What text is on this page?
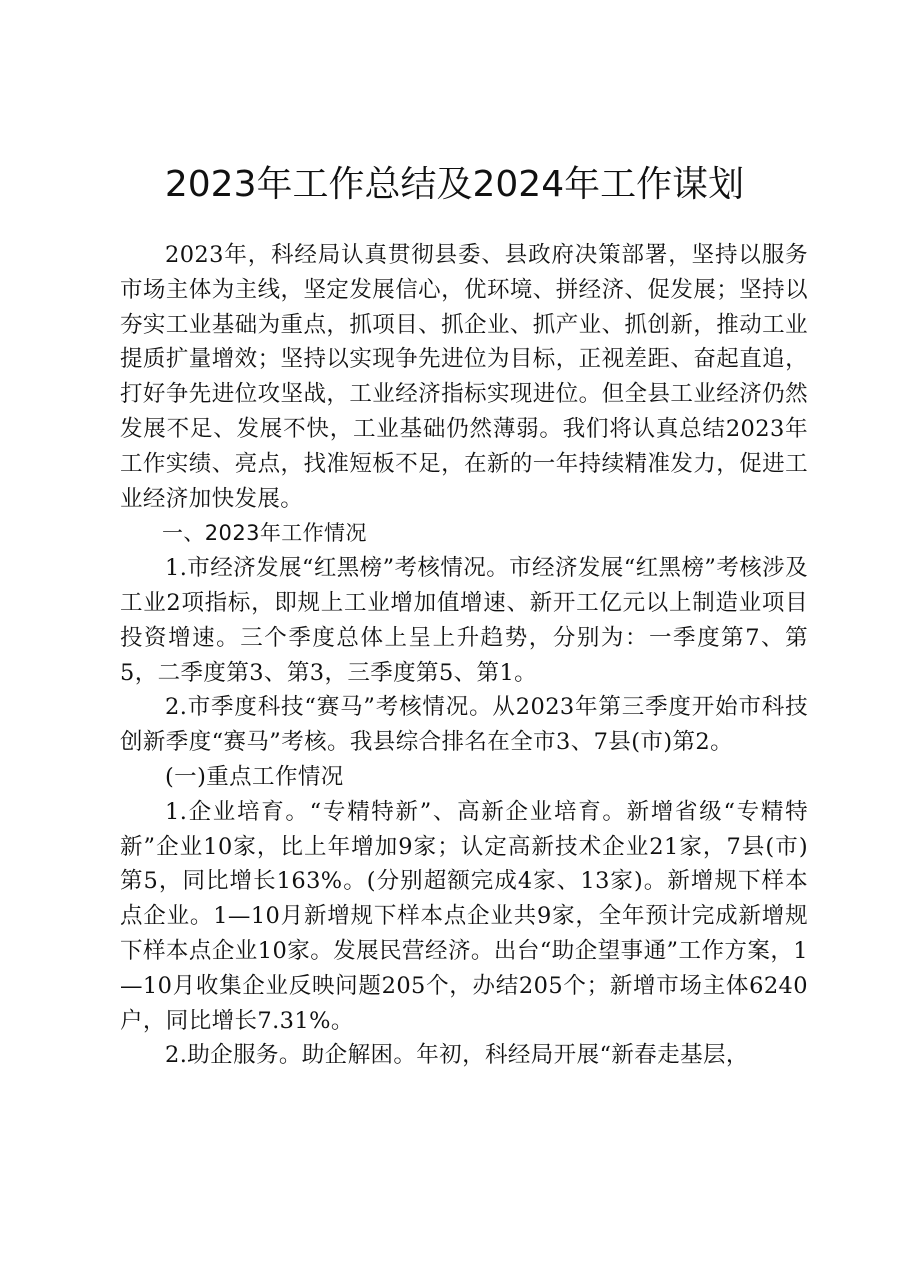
2023年工作总结及2024年工作谋划

2023年，科经局认真贯彻县委、县政府决策部署，坚持以服务市场主体为主线，坚定发展信心，优环境、拼经济、促发展；坚持以夯实工业基础为重点，抓项目、抓企业、抓产业、抓创新，推动工业提质扩量增效；坚持以实现争先进位为目标，正视差距、奋起直追，打好争先进位攻坚战，工业经济指标实现进位。但全县工业经济仍然发展不足、发展不快，工业基础仍然薄弱。我们将认真总结2023年工作实绩、亮点，找准短板不足，在新的一年持续精准发力，促进工业经济加快发展。

一、2023年工作情况

1.市经济发展“红黑榜”考核情况。市经济发展“红黑榜”考核涉及工业2项指标，即规上工业增加值增速、新开工亿元以上制造业项目投资增速。三个季度总体上呈上升趋势，分别为：一季度第7、第5，二季度第3、第3，三季度第5、第1。

2.市季度科技“赛马”考核情况。从2023年第三季度开始市科技创新季度“赛马”考核。我县综合排名在全市3、7县(市)第2。

(一)重点工作情况

1.企业培育。“专精特新”、高新企业培育。新增省级“专精特新”企业10家，比上年增加9家；认定高新技术企业21家，7县(市)第5，同比增长163%。(分别超额完成4家、13家)。新增规下样本点企业。1—10月新增规下样本点企业共9家，全年预计完成新增规下样本点企业10家。发展民营经济。出台“助企望事通”工作方案，1—10月收集企业反映问题205个，办结205个；新增市场主体6240户，同比增长7.31%。

2.助企服务。助企解困。年初，科经局开展“新春走基层，
